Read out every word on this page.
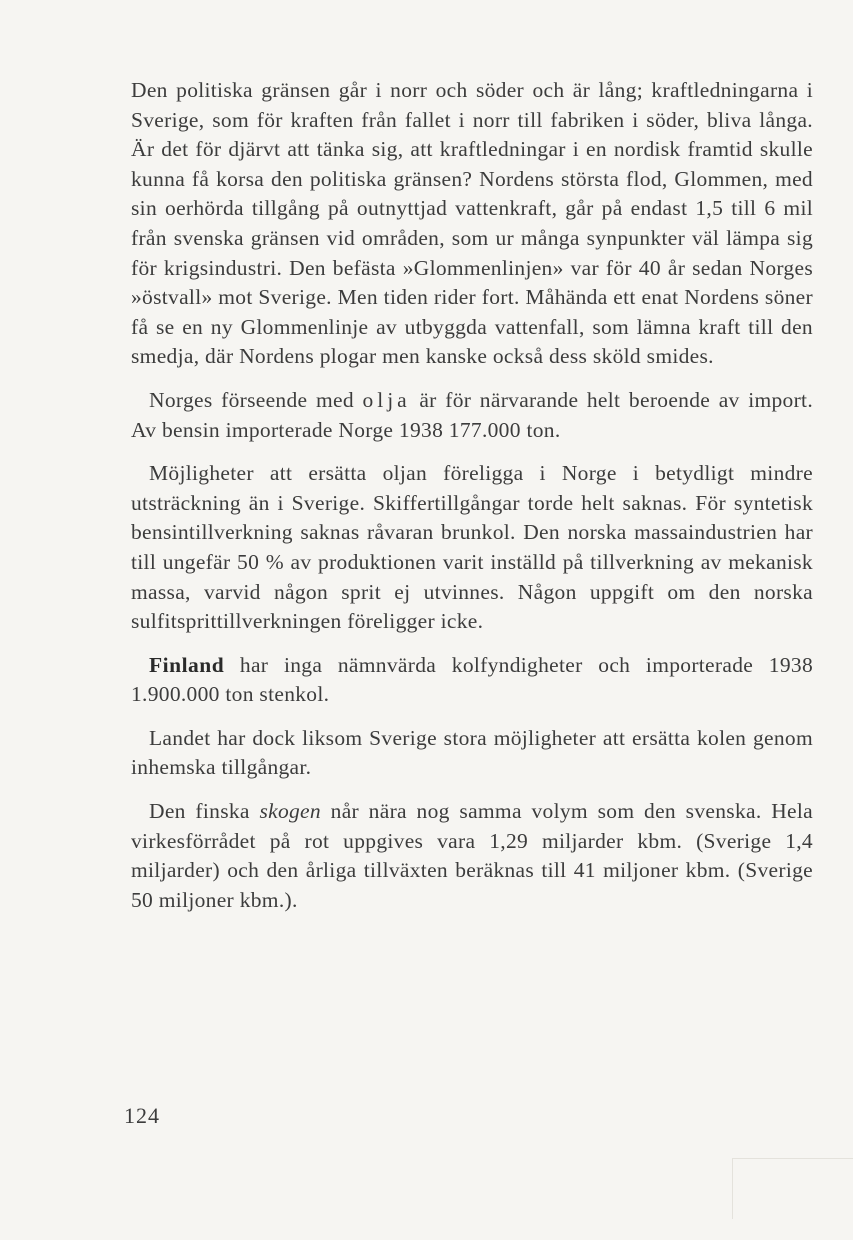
Den politiska gränsen går i norr och söder och är lång; kraftledningarna i Sverige, som för kraften från fallet i norr till fabriken i söder, bliva långa. Är det för djärvt att tänka sig, att kraftledningar i en nordisk framtid skulle kunna få korsa den politiska gränsen? Nordens största flod, Glommen, med sin oerhörda tillgång på outnyttjad vattenkraft, går på endast 1,5 till 6 mil från svenska gränsen vid områden, som ur många synpunkter väl lämpa sig för krigsindustri. Den befästa »Glommenlinjen» var för 40 år sedan Norges »östvall» mot Sverige. Men tiden rider fort. Måhända ett enat Nordens söner få se en ny Glommenlinje av utbyggda vattenfall, som lämna kraft till den smedja, där Nordens plogar men kanske också dess sköld smides.

Norges förseende med olja är för närvarande helt beroende av import. Av bensin importerade Norge 1938 177.000 ton.

Möjligheter att ersätta oljan föreligga i Norge i betydligt mindre utsträckning än i Sverige. Skiffertillgångar torde helt saknas. För syntetisk bensintillverkning saknas råvaran brunkol. Den norska massaindustrien har till ungefär 50 % av produktionen varit inställd på tillverkning av mekanisk massa, varvid någon sprit ej utvinnes. Någon uppgift om den norska sulfitsprittillverkningen föreligger icke.

Finland har inga nämnvärda kolfyndigheter och importerade 1938 1.900.000 ton stenkol.

Landet har dock liksom Sverige stora möjligheter att ersätta kolen genom inhemska tillgångar.

Den finska skogen når nära nog samma volym som den svenska. Hela virkesförrådet på rot uppgives vara 1,29 miljarder kbm. (Sverige 1,4 miljarder) och den årliga tillväxten beräknas till 41 miljoner kbm. (Sverige 50 miljoner kbm.).

124
